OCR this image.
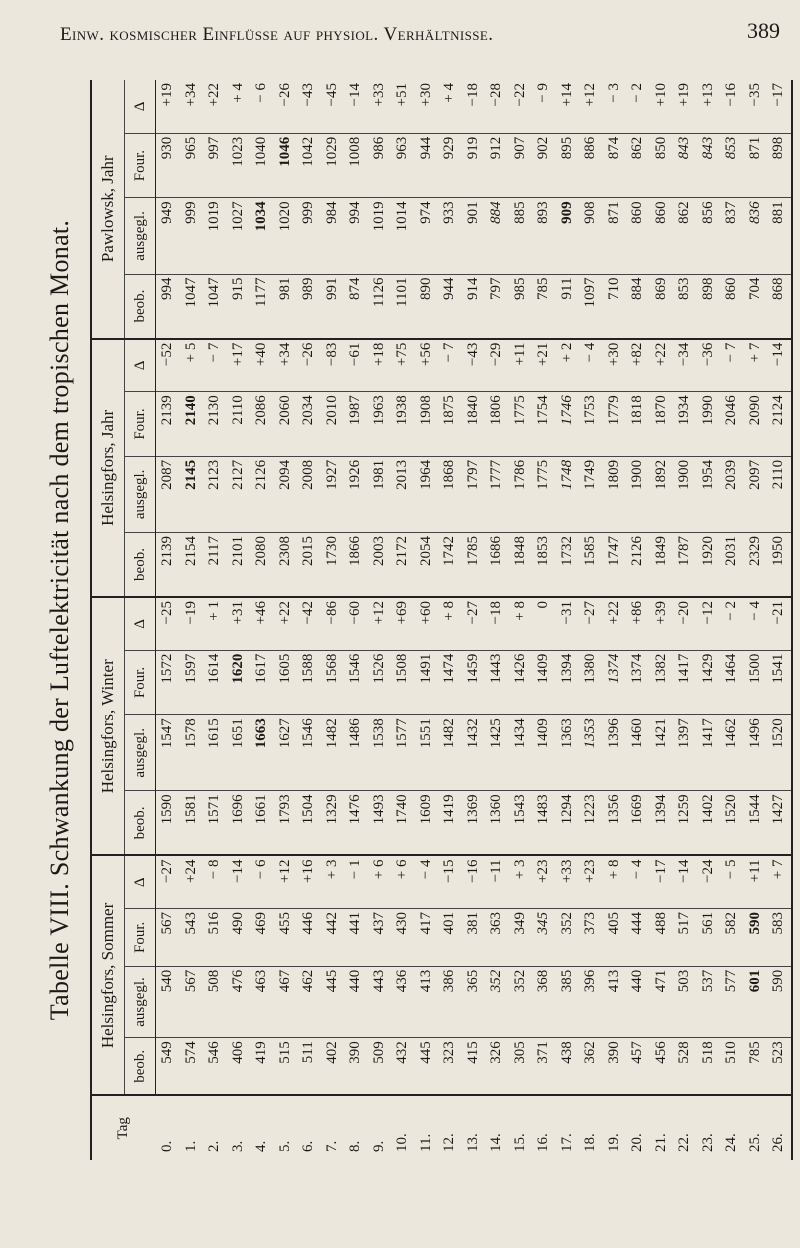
Einw. kosmischer Einflüsse auf physiol. Verhältnisse.	389
Tabelle VIII. Schwankung der Luftelektricität nach dem tropischen Monat.
Tag	Helsingfors, Sommer				Helsingfors, Winter				Helsingfors, Jahr				Pawlowsk, Jahr			
	beob.	ausgegl.	Four.	Δ	beob.	ausgegl.	Four.	Δ	beob.	ausgegl.	Four.	Δ	beob.	ausgegl.	Four.	Δ
0.	549	540	567	−27	1590	1547	1572	−25	2139	2087	2139	−52	994	949	930	+19
1.	574	567	543	+24	1581	1578	1597	−19	2154	2145	2140	+ 5	1047	999	965	+34
2.	546	508	516	− 8	1571	1615	1614	+ 1	2117	2123	2130	− 7	1047	1019	997	+22
3.	406	476	490	−14	1696	1651	1620	+31	2101	2127	2110	+17	915	1027	1023	+ 4
4.	419	463	469	− 6	1661	1663	1617	+46	2080	2126	2086	+40	1177	1034	1040	− 6
5.	515	467	455	+12	1793	1627	1605	+22	2308	2094	2060	+34	981	1020	1046	−26
6.	511	462	446	+16	1504	1546	1588	−42	2015	2008	2034	−26	989	999	1042	−43
7.	402	445	442	+ 3	1329	1482	1568	−86	1730	1927	2010	−83	991	984	1029	−45
8.	390	440	441	− 1	1476	1486	1546	−60	1866	1926	1987	−61	874	994	1008	−14
9.	509	443	437	+ 6	1493	1538	1526	+12	2003	1981	1963	+18	1126	1019	986	+33
10.	432	436	430	+ 6	1740	1577	1508	+69	2172	2013	1938	+75	1101	1014	963	+51
11.	445	413	417	− 4	1609	1551	1491	+60	2054	1964	1908	+56	890	974	944	+30
12.	323	386	401	−15	1419	1482	1474	+ 8	1742	1868	1875	− 7	944	933	929	+ 4
13.	415	365	381	−16	1369	1432	1459	−27	1785	1797	1840	−43	914	901	919	−18
14.	326	352	363	−11	1360	1425	1443	−18	1686	1777	1806	−29	797	884	912	−28
15.	305	352	349	+ 3	1543	1434	1426	+ 8	1848	1786	1775	+11	985	885	907	−22
16.	371	368	345	+23	1483	1409	1409	0	1853	1775	1754	+21	785	893	902	− 9
17.	438	385	352	+33	1294	1363	1394	−31	1732	1748	1746	+ 2	911	909	895	+14
18.	362	396	373	+23	1223	1353	1380	−27	1585	1749	1753	− 4	1097	908	886	+12
19.	390	413	405	+ 8	1356	1396	1374	+22	1747	1809	1779	+30	710	871	874	− 3
20.	457	440	444	− 4	1669	1460	1374	+86	2126	1900	1818	+82	884	860	862	− 2
21.	456	471	488	−17	1394	1421	1382	+39	1849	1892	1870	+22	869	860	850	+10
22.	528	503	517	−14	1259	1397	1417	−20	1787	1900	1934	−34	853	862	843	+19
23.	518	537	561	−24	1402	1417	1429	−12	1920	1954	1990	−36	898	856	843	+13
24.	510	577	582	− 5	1520	1462	1464	− 2	2031	2039	2046	− 7	860	837	853	−16
25.	785	601	590	+11	1544	1496	1500	− 4	2329	2097	2090	+ 7	704	836	871	−35
26.	523	590	583	+ 7	1427	1520	1541	−21	1950	2110	2124	−14	868	881	898	−17
